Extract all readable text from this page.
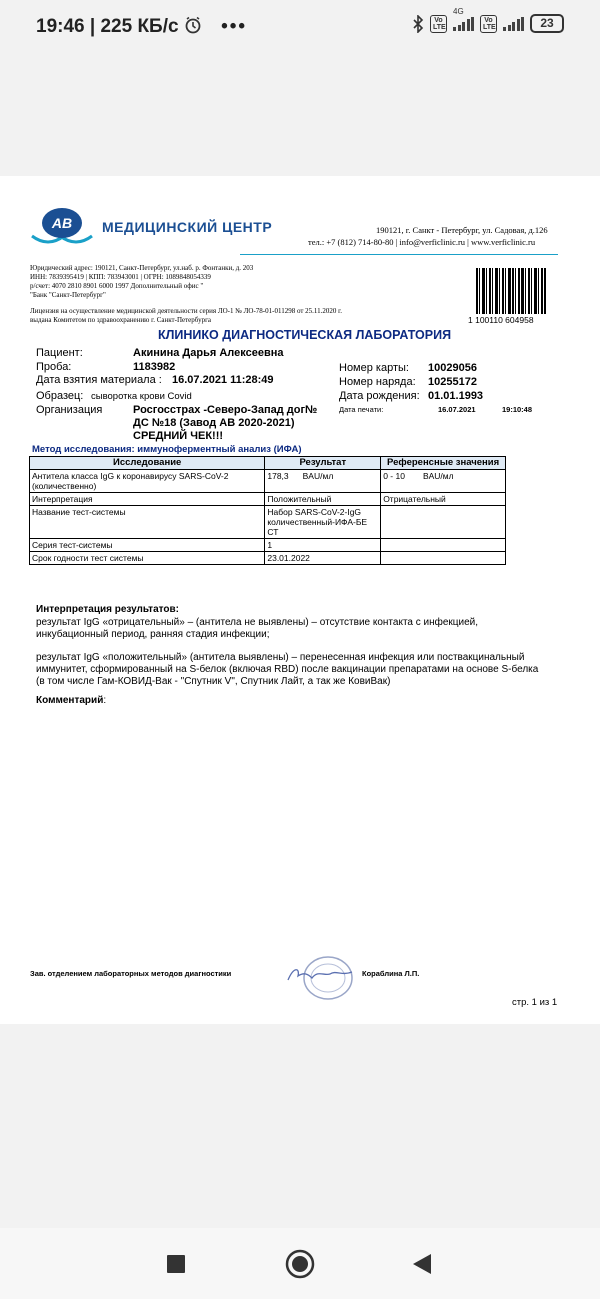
19:46 | 225 КБ/с •••	Vo LTE
4G
Vo LTE	23
АВ МЕДИЦИНСКИЙ ЦЕНТР	190121, г. Санкт - Петербург, ул. Садовая, д.126
тел.: +7 (812) 714-80-80 | info@verficlinic.ru | www.verficlinic.ru
Юридический адрес: 190121, Санкт-Петербург, ул.наб. р. Фонтанки, д. 203
ИНН: 7839395419 | КПП: 783943001 | ОГРН: 1089848054339
р/счет: 4070 2810 8901 6000 1997 Дополнительный офис "
"Банк "Санкт-Петербург"
Лицензия на осуществление медицинской деятельности серия ЛО-1 № ЛО-78-01-011298 от 25.11.2020 г.
выдана Комитетом по здравоохранению г. Санкт-Петербурга	1 100110 604958
КЛИНИКО ДИАГНОСТИЧЕСКАЯ ЛАБОРАТОРИЯ
Пациент:	Акинина Дарья Алексеевна
Проба:	1183982
Дата взятия материала : 16.07.2021 11:28:49
Образец: сыворотка крови Covid
Организация	Росгосстрах -Северо-Запад дог№
ДС №18 (Завод АВ 2020-2021)
СРЕДНИЙ ЧЕК!!!
Номер карты: 10029056
Номер наряда: 10255172
Дата рождения: 01.01.1993
Дата печати:	16.07.2021	19:10:48
Метод исследования: иммуноферментный анализ (ИФА)
Исследование	Результат	Референсные значения
Антитела класса IgG к коронавирусу SARS-CoV-2 (количественно)	178,3 BAU/мл	0 - 10 BAU/мл
Интерпретация	Положительный	Отрицательный
Название тест-системы	Набор SARS-CoV-2-IgG количественный-ИФА-БЕ СТ	
Серия тест-системы	1	
Срок годности тест системы	23.01.2022	
Интерпретация результатов:
результат IgG «отрицательный» – (антитела не выявлены) – отсутствие контакта с инфекцией,
инкубационный период, ранняя стадия инфекции;
результат IgG «положительный» (антитела выявлены) – перенесенная инфекция или поствакцинальный
иммунитет, сформированный на S-белок (включая RBD) после вакцинации препаратами на основе S-белка
(в том числе Гам-КОВИД-Вак - "Спутник V", Спутник Лайт, а так же КовиВак)
Комментарий:
Зав. отделением лабораторных методов диагностики	Кораблина Л.П.
стр. 1 из 1
